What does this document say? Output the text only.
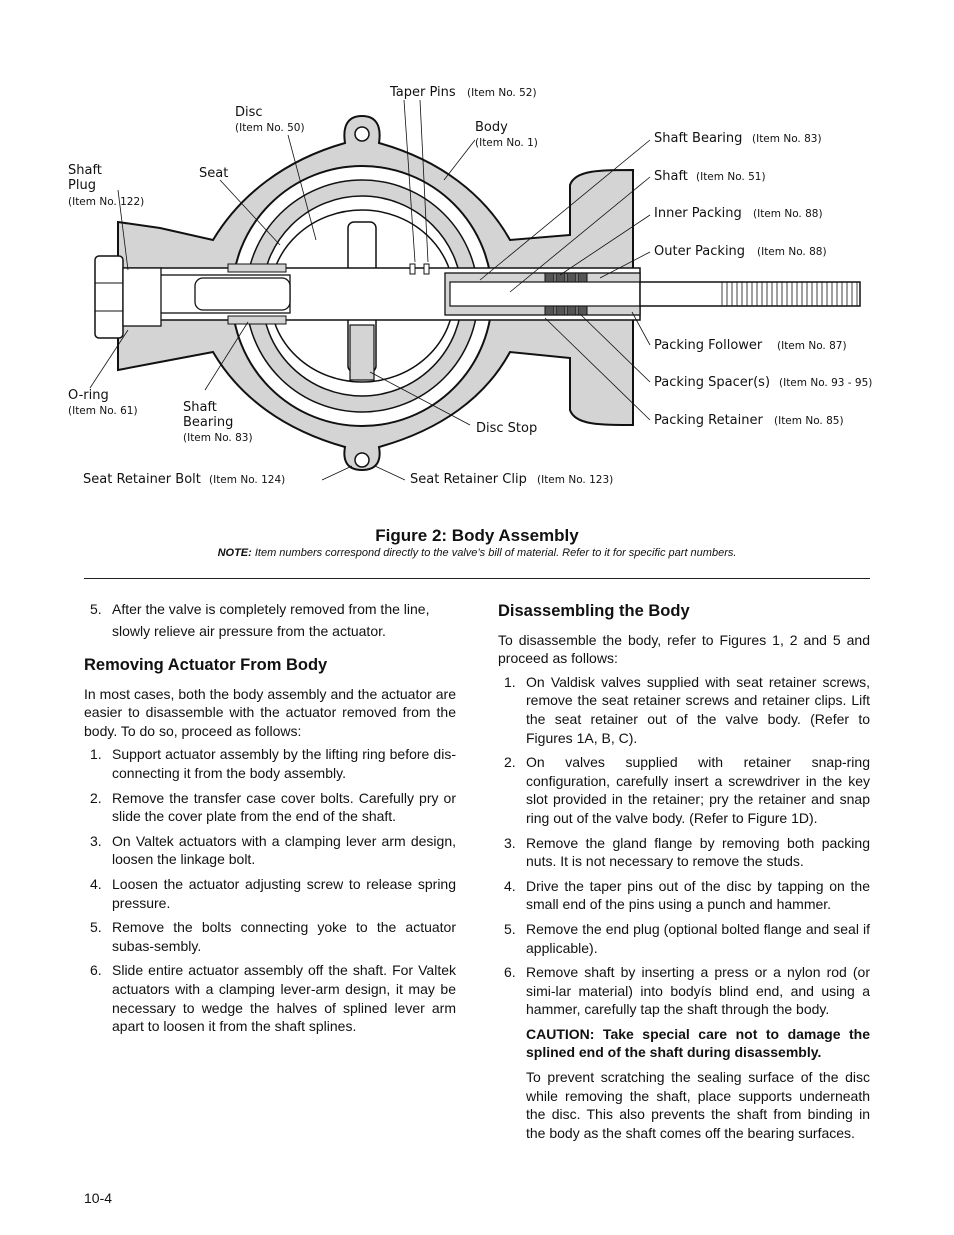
Taper Pins (Item No. 52)
Disc
(Item No. 50)	Body
(Item No. 1)
Shaft
Plug
(Item No. 122)
Seat
O-ring
(Item No. 61)	Shaft
Bearing
(Item No. 83)
Disc Stop
Seat Retainer Bolt (Item No. 124)	Seat Retainer Clip (Item No. 123)
Shaft Bearing (Item No. 83)
Shaft (Item No. 51)
Inner Packing (Item No. 88)
Outer Packing (Item No. 88)
Packing Follower (Item No. 87)
Packing Spacer(s) (Item No. 93 - 95)
Packing Retainer (Item No. 85)
Figure 2: Body Assembly
NOTE: Item numbers correspond directly to the valve’s bill of material. Refer to it for specific part numbers.
5. After the valve is completely removed from the line, slowly relieve air pressure from the actuator.
Removing Actuator From Body

In most cases, both the body assembly and the actuator are easier to disassemble with the actuator removed from the body. To do so, proceed as follows:

1. Support actuator assembly by the lifting ring before dis-connecting it from the body assembly.
2. Remove the transfer case cover bolts. Carefully pry or slide the cover plate from the end of the shaft.
3. On Valtek actuators with a clamping lever arm design, loosen the linkage bolt.
4. Loosen the actuator adjusting screw to release spring pressure.
5. Remove the bolts connecting yoke to the actuator subas-sembly.
6. Slide entire actuator assembly off the shaft. For Valtek actuators with a clamping lever-arm design, it may be necessary to wedge the halves of splined lever arm apart to loosen it from the shaft splines.
Disassembling the Body

To disassemble the body, refer to Figures 1, 2 and 5 and proceed as follows:

1. On Valdisk valves supplied with seat retainer screws, remove the seat retainer screws and retainer clips. Lift the seat retainer out of the valve body. (Refer to Figures 1A, B, C).
2. On valves supplied with retainer snap-ring configuration, carefully insert a screwdriver in the key slot provided in the retainer; pry the retainer and snap ring out of the valve body. (Refer to Figure 1D).
3. Remove the gland flange by removing both packing nuts. It is not necessary to remove the studs.
4. Drive the taper pins out of the disc by tapping on the small end of the pins using a punch and hammer.
5. Remove the end plug (optional bolted flange and seal if applicable).
6. Remove shaft by inserting a press or a nylon rod (or simi-lar material) into bodyís blind end, and using a hammer, carefully tap the shaft through the body.
CAUTION: Take special care not to damage the splined end of the shaft during disassembly.
To prevent scratching the sealing surface of the disc while removing the shaft, place supports underneath the disc. This also prevents the shaft from binding in the body as the shaft comes off the bearing surfaces.
10-4
